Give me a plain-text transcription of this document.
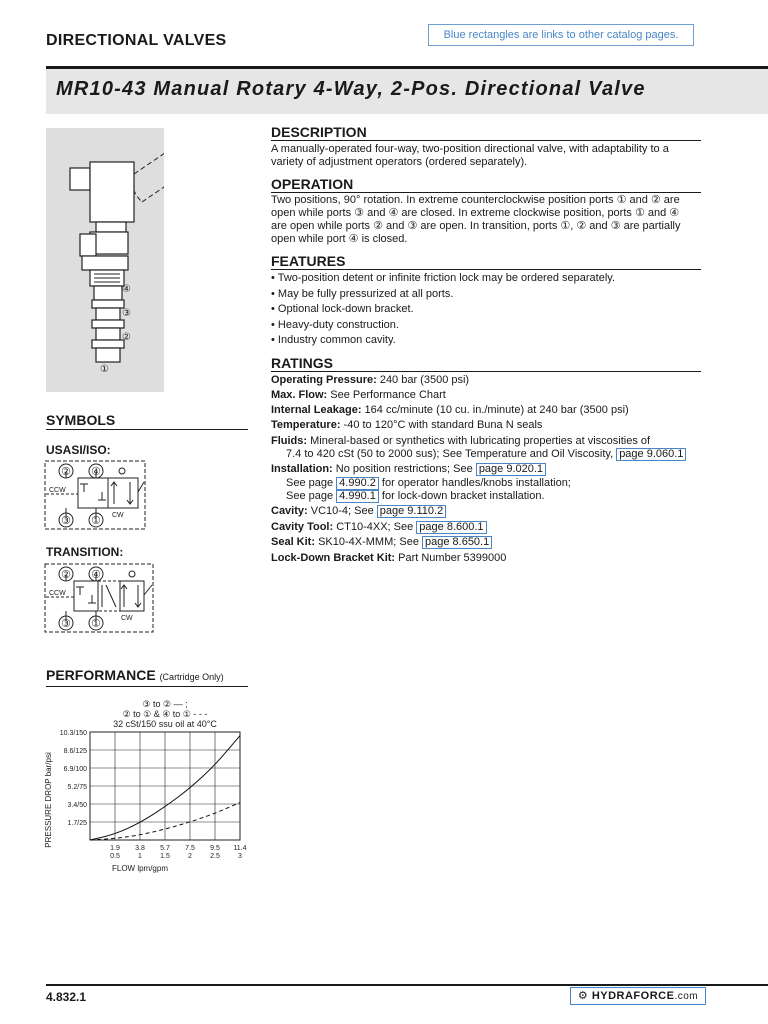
DIRECTIONAL VALVES	Blue rectangles are links to other catalog pages.
MR10-43 Manual Rotary 4-Way, 2-Pos. Directional Valve
④
③
②
①
DESCRIPTION
A manually-operated four-way, two-position directional valve, with adaptability to a
variety of adjustment operators (ordered separately).
OPERATION
Two positions, 90° rotation. In extreme counterclockwise position ports ① and ② are
open while ports ③ and ④ are closed. In extreme clockwise position, ports ① and ④
are open while ports ② and ③ are open. In transition, ports ①, ② and ③ are partially
open while port ④ is closed.
FEATURES
• Two-position detent or infinite friction lock may be ordered separately.
• May be fully pressurized at all ports.
• Optional lock-down bracket.
• Heavy-duty construction.
• Industry common cavity.
RATINGS
Operating Pressure: 240 bar (3500 psi)
Max. Flow: See Performance Chart
Internal Leakage: 164 cc/minute (10 cu. in./minute) at 240 bar (3500 psi)
Temperature: -40 to 120°C with standard Buna N seals
Fluids: Mineral-based or synthetics with lubricating properties at viscosities of
7.4 to 420 cSt (50 to 2000 sus); See Temperature and Oil Viscosity, page 9.060.1
Installation: No position restrictions; See page 9.020.1
See page 4.990.2 for operator handles/knobs installation;
See page 4.990.1 for lock-down bracket installation.
Cavity: VC10-4; See page 9.110.2
Cavity Tool: CT10-4XX; See page 8.600.1
Seal Kit: SK10-4X-MMM; See page 8.650.1
Lock-Down Bracket Kit: Part Number 5399000
SYMBOLS
USASI/ISO:
② ④
③ ①
CCW
CW
TRANSITION:
② ④
③ ①
CCW
CW
PERFORMANCE (Cartridge Only)
③ to ② — ;
② to ① & ④ to ① - - -
32 cSt/150 ssu oil at 40°C
1.7/25
3.4/50
5.2/75
6.9/100
8.6/125
10.3/150
1.9
0.5
3.8
1
5.7
1.5
7.5
2
9.5
2.5
11.4
3
FLOW lpm/gpm
PRESSURE DROP bar/psi
4.832.1	⚙ HYDRAFORCE.com
